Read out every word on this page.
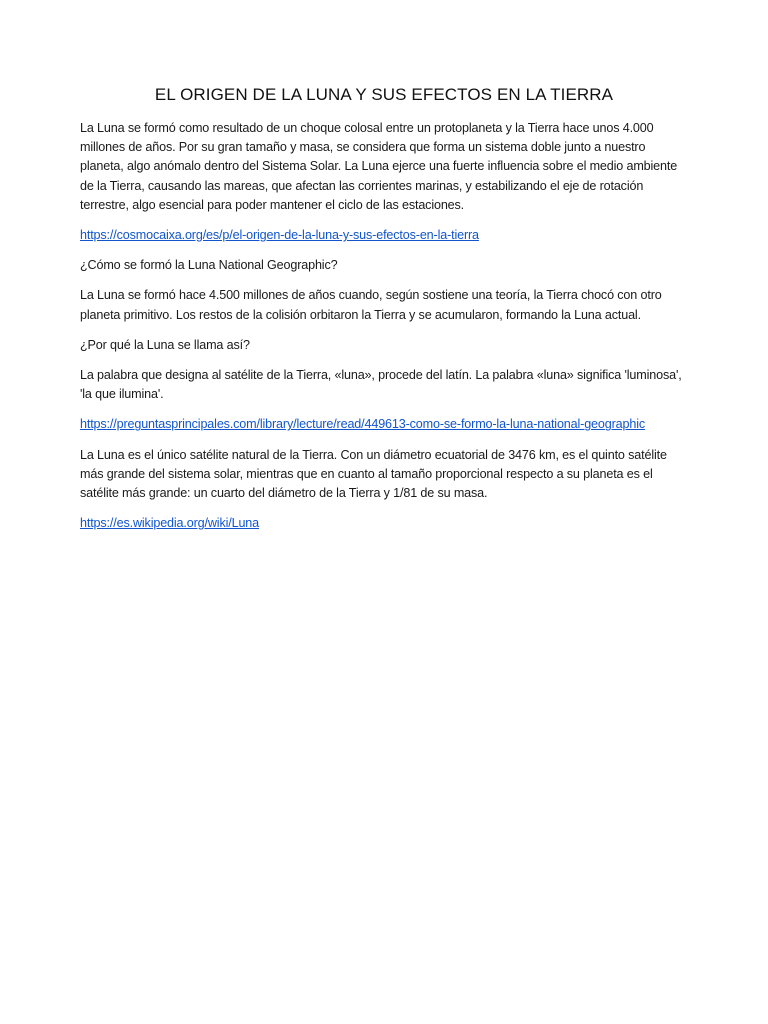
EL ORIGEN DE LA LUNA Y SUS EFECTOS EN LA TIERRA

La Luna se formó como resultado de un choque colosal entre un protoplaneta y la Tierra hace unos 4.000 millones de años. Por su gran tamaño y masa, se considera que forma un sistema doble junto a nuestro planeta, algo anómalo dentro del Sistema Solar. La Luna ejerce una fuerte influencia sobre el medio ambiente de la Tierra, causando las mareas, que afectan las corrientes marinas, y estabilizando el eje de rotación terrestre, algo esencial para poder mantener el ciclo de las estaciones.

https://cosmocaixa.org/es/p/el-origen-de-la-luna-y-sus-efectos-en-la-tierra

¿Cómo se formó la Luna National Geographic?

La Luna se formó hace 4.500 millones de años cuando, según sostiene una teoría, la Tierra chocó con otro planeta primitivo. Los restos de la colisión orbitaron la Tierra y se acumularon, formando la Luna actual.

¿Por qué la Luna se llama así?

La palabra que designa al satélite de la Tierra, «luna», procede del latín. La palabra «luna» significa 'luminosa', 'la que ilumina'.

https://preguntasprincipales.com/library/lecture/read/449613-como-se-formo-la-luna-national-geographic

La Luna es el único satélite natural de la Tierra. Con un diámetro ecuatorial de 3476 km, es el quinto satélite más grande del sistema solar, mientras que en cuanto al tamaño proporcional respecto a su planeta es el satélite más grande: un cuarto del diámetro de la Tierra y 1/81 de su masa.

https://es.wikipedia.org/wiki/Luna
